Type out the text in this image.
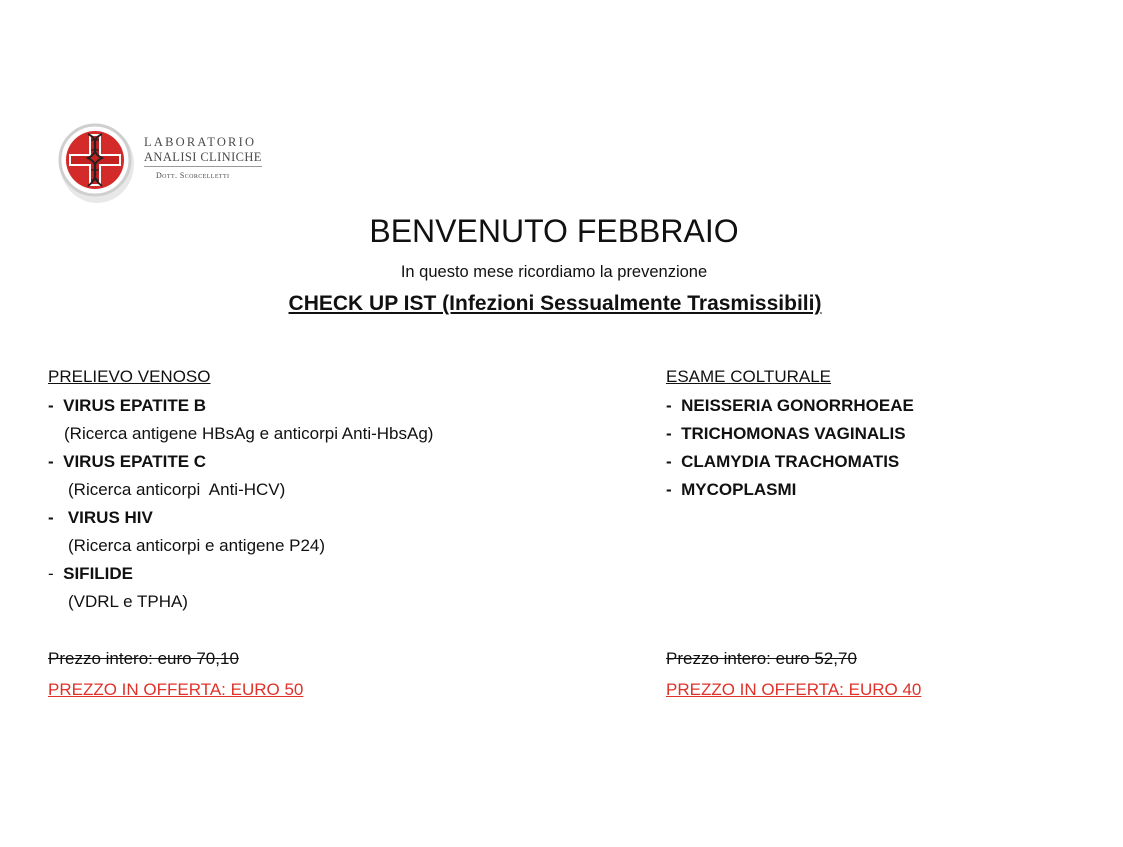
LABORATORIO
ANALISI CLINICHE
Dott. Scorcelletti
BENVENUTO FEBBRAIO
In questo mese ricordiamo la prevenzione
CHECK UP IST (Infezioni Sessualmente Trasmissibili)
PRELIEVO VENOSO
- VIRUS EPATITE B
(Ricerca antigene HBsAg e anticorpi Anti-HbsAg)
- VIRUS EPATITE C
(Ricerca anticorpi  Anti-HCV)
- VIRUS HIV
(Ricerca anticorpi e antigene P24)
- SIFILIDE
(VDRL e TPHA)
Prezzo intero: euro 70,10
PREZZO IN OFFERTA: EURO 50
ESAME COLTURALE
- NEISSERIA GONORRHOEAE
- TRICHOMONAS VAGINALIS
- CLAMYDIA TRACHOMATIS
- MYCOPLASMI
Prezzo intero: euro 52,70
PREZZO IN OFFERTA: EURO 40
